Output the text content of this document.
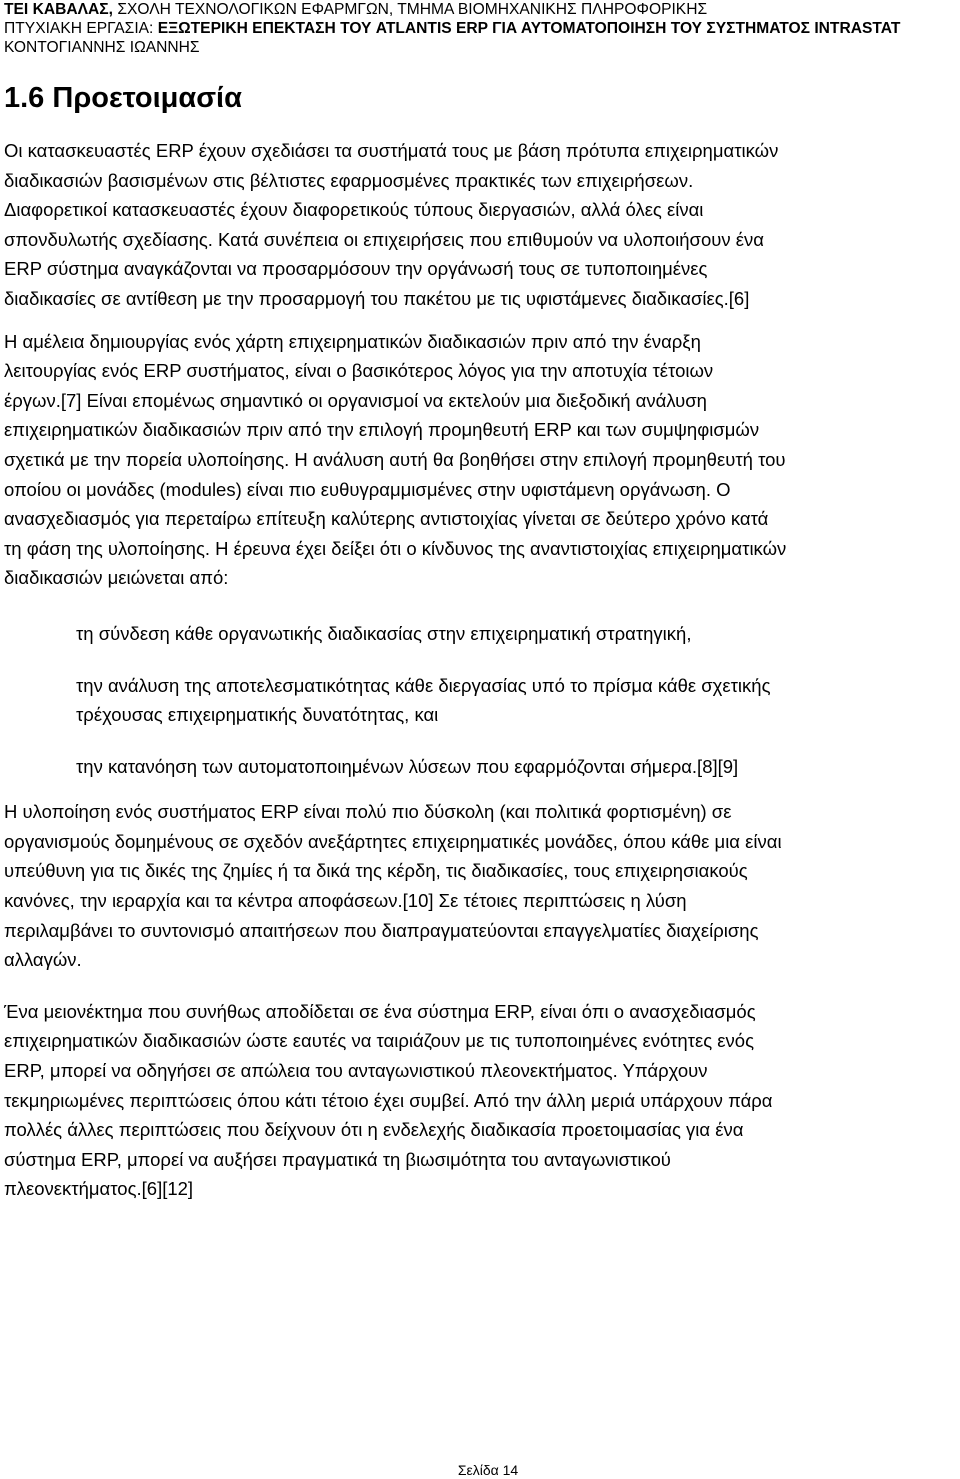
ΤΕΙ ΚΑΒΑΛΑΣ, ΣΧΟΛΗ ΤΕΧΝΟΛΟΓΙΚΩΝ ΕΦΑΡΜΓΩΝ, ΤΜΗΜΑ ΒΙΟΜΗΧΑΝΙΚΗΣ ΠΛΗΡΟΦΟΡΙΚΗΣ
ΠΤΥΧΙΑΚΗ ΕΡΓΑΣΙΑ: ΕΞΩΤΕΡΙΚΗ ΕΠΕΚΤΑΣΗ ΤΟΥ ATLANTIS ERP ΓΙΑ ΑΥΤΟΜΑΤΟΠΟΙΗΣΗ ΤΟΥ ΣΥΣΤΗΜΑΤΟΣ INTRASTAT
ΚΟΝΤΟΓΙΑΝΝΗΣ ΙΩΑΝΝΗΣ
1.6 Προετοιμασία

Οι κατασκευαστές ERP έχουν σχεδιάσει τα συστήματά τους με βάση πρότυπα επιχειρηματικών
διαδικασιών βασισμένων στις βέλτιστες εφαρμοσμένες πρακτικές των επιχειρήσεων.
Διαφορετικοί κατασκευαστές έχουν διαφορετικούς τύπους διεργασιών, αλλά όλες είναι
σπονδυλωτής σχεδίασης. Κατά συνέπεια οι επιχειρήσεις που επιθυμούν να υλοποιήσουν ένα
ERP σύστημα αναγκάζονται να προσαρμόσουν την οργάνωσή τους σε τυποποιημένες
διαδικασίες σε αντίθεση με την προσαρμογή του πακέτου με τις υφιστάμενες διαδικασίες.[6]

Η αμέλεια δημιουργίας ενός χάρτη επιχειρηματικών διαδικασιών πριν από την έναρξη
λειτουργίας ενός ERP συστήματος, είναι ο βασικότερος λόγος για την αποτυχία τέτοιων
έργων.[7] Είναι επομένως σημαντικό οι οργανισμοί να εκτελούν μια διεξοδική ανάλυση
επιχειρηματικών διαδικασιών πριν από την επιλογή προμηθευτή ERP και των συμψηφισμών
σχετικά με την πορεία υλοποίησης. Η ανάλυση αυτή θα βοηθήσει στην επιλογή προμηθευτή του
οποίου οι μονάδες (modules) είναι πιο ευθυγραμμισμένες στην υφιστάμενη οργάνωση. Ο
ανασχεδιασμός για περεταίρω επίτευξη καλύτερης αντιστοιχίας γίνεται σε δεύτερο χρόνο κατά
τη φάση της υλοποίησης. Η έρευνα έχει δείξει ότι ο κίνδυνος της αναντιστοιχίας επιχειρηματικών
διαδικασιών μειώνεται από:

τη σύνδεση κάθε οργανωτικής διαδικασίας στην επιχειρηματική στρατηγική,

την ανάλυση της αποτελεσματικότητας κάθε διεργασίας υπό το πρίσμα κάθε σχετικής
τρέχουσας επιχειρηματικής δυνατότητας, και

την κατανόηση των αυτοματοποιημένων λύσεων που εφαρμόζονται σήμερα.[8][9]

Η υλοποίηση ενός συστήματος ERP είναι πολύ πιο δύσκολη (και πολιτικά φορτισμένη) σε
οργανισμούς δομημένους σε σχεδόν ανεξάρτητες επιχειρηματικές μονάδες, όπου κάθε μια είναι
υπεύθυνη για τις δικές της ζημίες ή τα δικά της κέρδη, τις διαδικασίες, τους επιχειρησιακούς
κανόνες, την ιεραρχία και τα κέντρα αποφάσεων.[10] Σε τέτοιες περιπτώσεις η λύση
περιλαμβάνει το συντονισμό απαιτήσεων που διαπραγματεύονται επαγγελματίες διαχείρισης
αλλαγών.

Ένα μειονέκτημα που συνήθως αποδίδεται σε ένα σύστημα ERP, είναι όπι ο ανασχεδιασμός
επιχειρηματικών διαδικασιών ώστε εαυτές να ταιριάζουν με τις τυποποιημένες ενότητες ενός
ERP, μπορεί να οδηγήσει σε απώλεια του ανταγωνιστικού πλεονεκτήματος. Υπάρχουν
τεκμηριωμένες περιπτώσεις όπου κάτι τέτοιο έχει συμβεί. Από την άλλη μεριά υπάρχουν πάρα
πολλές άλλες περιπτώσεις που δείχνουν ότι η ενδελεχής διαδικασία προετοιμασίας για ένα
σύστημα ERP, μπορεί να αυξήσει πραγματικά τη βιωσιμότητα του ανταγωνιστικού
πλεονεκτήματος.[6][12]

Σελίδα 14
